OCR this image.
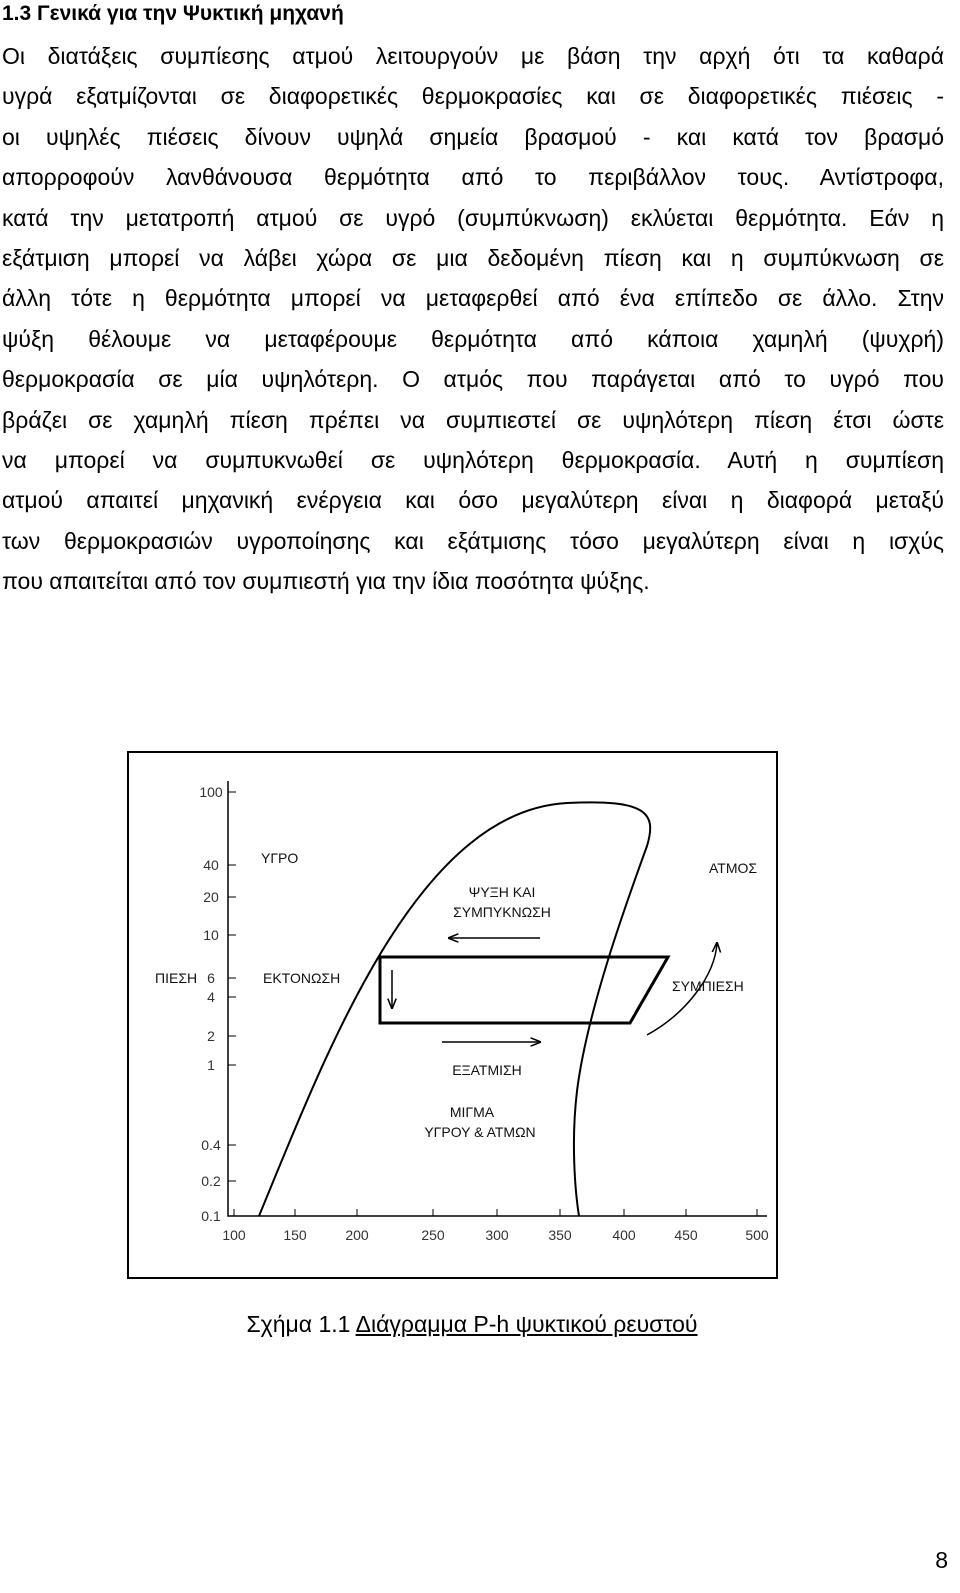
1.3 Γενικά για την Ψυκτική μηχανή
Οι διατάξεις συμπίεσης ατμού λειτουργούν με βάση την αρχή ότι τα καθαρά
υγρά εξατμίζονται σε διαφορετικές θερμοκρασίες και σε διαφορετικές πιέσεις -
οι υψηλές πιέσεις δίνουν υψηλά σημεία βρασμού - και κατά τον βρασμό
απορροφούν λανθάνουσα θερμότητα από το περιβάλλον τους. Αντίστροφα,
κατά την μετατροπή ατμού σε υγρό (συμπύκνωση) εκλύεται θερμότητα. Εάν η
εξάτμιση μπορεί να λάβει χώρα σε μια δεδομένη πίεση και η συμπύκνωση σε
άλλη τότε η θερμότητα μπορεί να μεταφερθεί από ένα επίπεδο σε άλλο. Στην
ψύξη θέλουμε να μεταφέρουμε θερμότητα από κάποια χαμηλή (ψυχρή)
θερμοκρασία σε μία υψηλότερη. Ο ατμός που παράγεται από το υγρό που
βράζει σε χαμηλή πίεση πρέπει να συμπιεστεί σε υψηλότερη πίεση έτσι ώστε
να μπορεί να συμπυκνωθεί σε υψηλότερη θερμοκρασία. Αυτή η συμπίεση
ατμού απαιτεί μηχανική ενέργεια και όσο μεγαλύτερη είναι η διαφορά μεταξύ
των θερμοκρασιών υγροποίησης και εξάτμισης τόσο μεγαλύτερη είναι η ισχύς
που απαιτείται από τον συμπιεστή για την ίδια ποσότητα ψύξης.
100
40
20
10
6
4
2
1
0.4
0.2
0.1
100	150	200	250	300	350	400	450	500
ΥΓΡΟ
ΑΤΜΟΣ
ΨΥΞΗ ΚΑΙ
ΣΥΜΠΥΚΝΩΣΗ
ΠΙΕΣΗ	ΕΚΤΟΝΩΣΗ	ΣΥΜΠΙΕΣΗ
ΕΞΑΤΜΙΣΗ
ΜΙΓΜΑ
ΥΓΡΟΥ & ΑΤΜΩΝ
Σχήμα 1.1 Διάγραμμα P-h ψυκτικού ρευστού
8
